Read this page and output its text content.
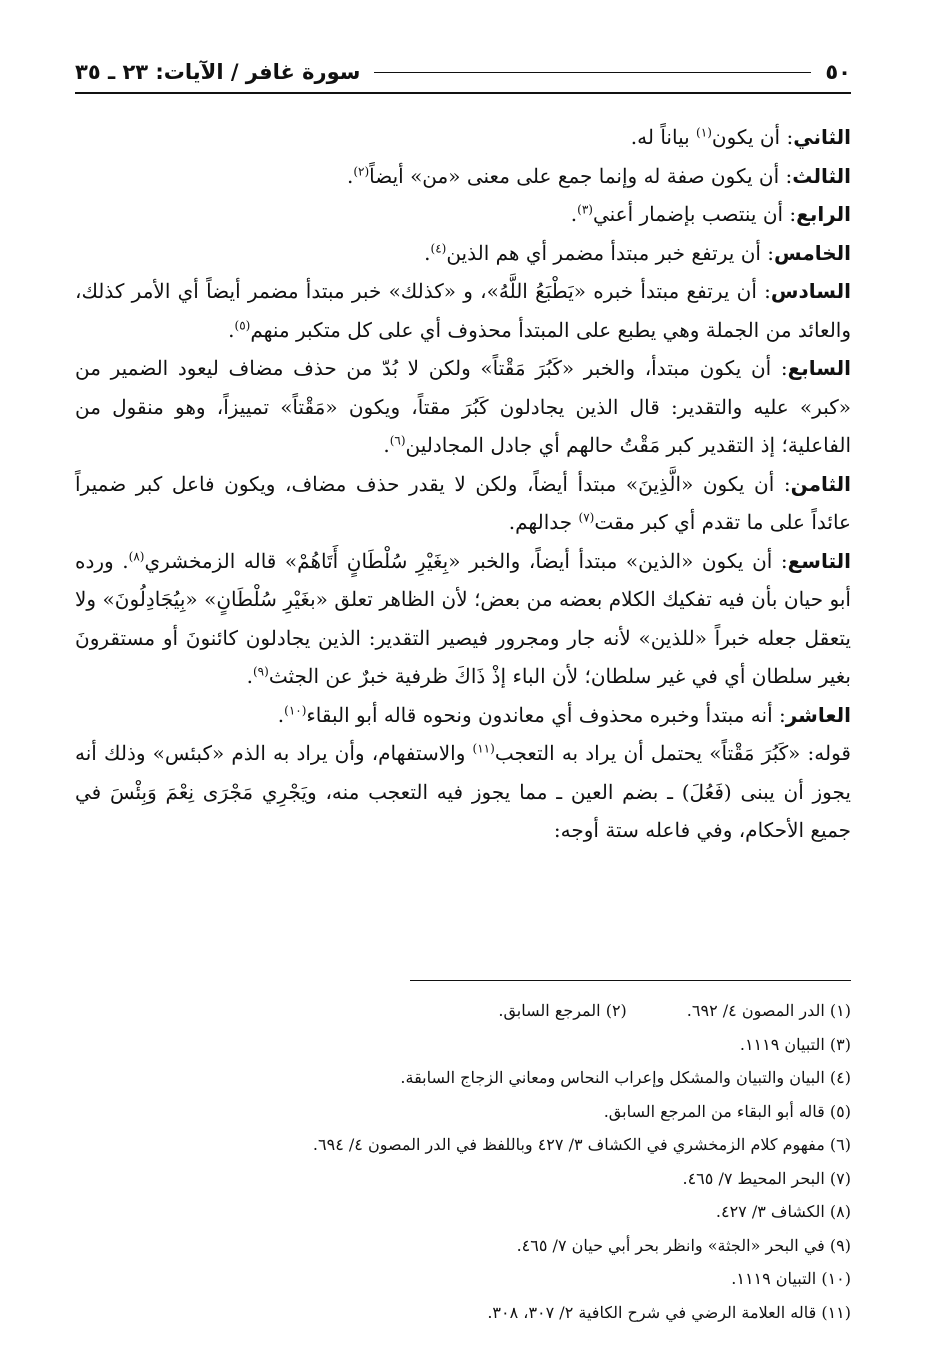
٥٠
سورة غافر / الآيات: ٢٣ ـ ٣٥

الثاني: أن يكون$^{(١)}$ بياناً له.

الثالث: أن يكون صفة له وإنما جمع على معنى «من» أيضاً$^{(٢)}$.

الرابع: أن ينتصب بإضمار أعني$^{(٣)}$.

الخامس: أن يرتفع خبر مبتدأ مضمر أي هم الذين$^{(٤)}$.

السادس: أن يرتفع مبتدأ خبره «يَطْبَعُ اللَّهُ»، و «كذلك» خبر مبتدأ مضمر أيضاً أي الأمر كذلك، والعائد من الجملة وهي يطبع على المبتدأ محذوف أي على كل متكبر منهم$^{(٥)}$.

السابع: أن يكون مبتدأ، والخبر «كَبُرَ مَقْتاً» ولكن لا بُدّ من حذف مضاف ليعود الضمير من «كبر» عليه والتقدير: قال الذين يجادلون كَبُرَ مقتاً، ويكون «مَقْتاً» تمييزاً، وهو منقول من الفاعلية؛ إذ التقدير كبر مَقْتُ حالهم أي جادل المجادلين$^{(٦)}$.

الثامن: أن يكون «الَّذِينَ» مبتدأ أيضاً، ولكن لا يقدر حذف مضاف، ويكون فاعل كبر ضميراً عائداً على ما تقدم أي كبر مقت$^{(٧)}$ جدالهم.

التاسع: أن يكون «الذين» مبتدأ أيضاً، والخبر «بِغَيْرِ سُلْطَانٍ أَتَاهُمْ» قاله الزمخشري$^{(٨)}$. ورده أبو حيان بأن فيه تفكيك الكلام بعضه من بعض؛ لأن الظاهر تعلق «بغَيْرِ سُلْطَانٍ» «بِيُجَادِلُونَ» ولا يتعقل جعله خبراً «للذين» لأنه جار ومجرور فيصير التقدير: الذين يجادلون كائنونَ أو مستقرونَ بغير سلطان أي في غير سلطان؛ لأن الباء إذْ ذَاكَ ظرفية خبرٌ عن الجثث$^{(٩)}$.

العاشر: أنه مبتدأ وخبره محذوف أي معاندون ونحوه قاله أبو البقاء$^{(١٠)}$.

قوله: «كَبُرَ مَقْتاً» يحتمل أن يراد به التعجب$^{(١١)}$ والاستفهام، وأن يراد به الذم «كبئس» وذلك أنه يجوز أن يبنى (فَعُلَ) ـ بضم العين ـ مما يجوز فيه التعجب منه، ويَجْرِي مَجْرَى نِعْمَ وَبِئْسَ في جميع الأحكام، وفي فاعله ستة أوجه:

(١) الدر المصون ٤/ ٦٩٢.
(٢) المرجع السابق.
(٣) التبيان ١١١٩.
(٤) البيان والتبيان والمشكل وإعراب النحاس ومعاني الزجاج السابقة.
(٥) قاله أبو البقاء من المرجع السابق.
(٦) مفهوم كلام الزمخشري في الكشاف ٣/ ٤٢٧ وباللفظ في الدر المصون ٤/ ٦٩٤.
(٧) البحر المحيط ٧/ ٤٦٥.
(٨) الكشاف ٣/ ٤٢٧.
(٩) في البحر «الجثة» وانظر بحر أبي حيان ٧/ ٤٦٥.
(١٠) التبيان ١١١٩.
(١١) قاله العلامة الرضي في شرح الكافية ٢/ ٣٠٧، ٣٠٨.
